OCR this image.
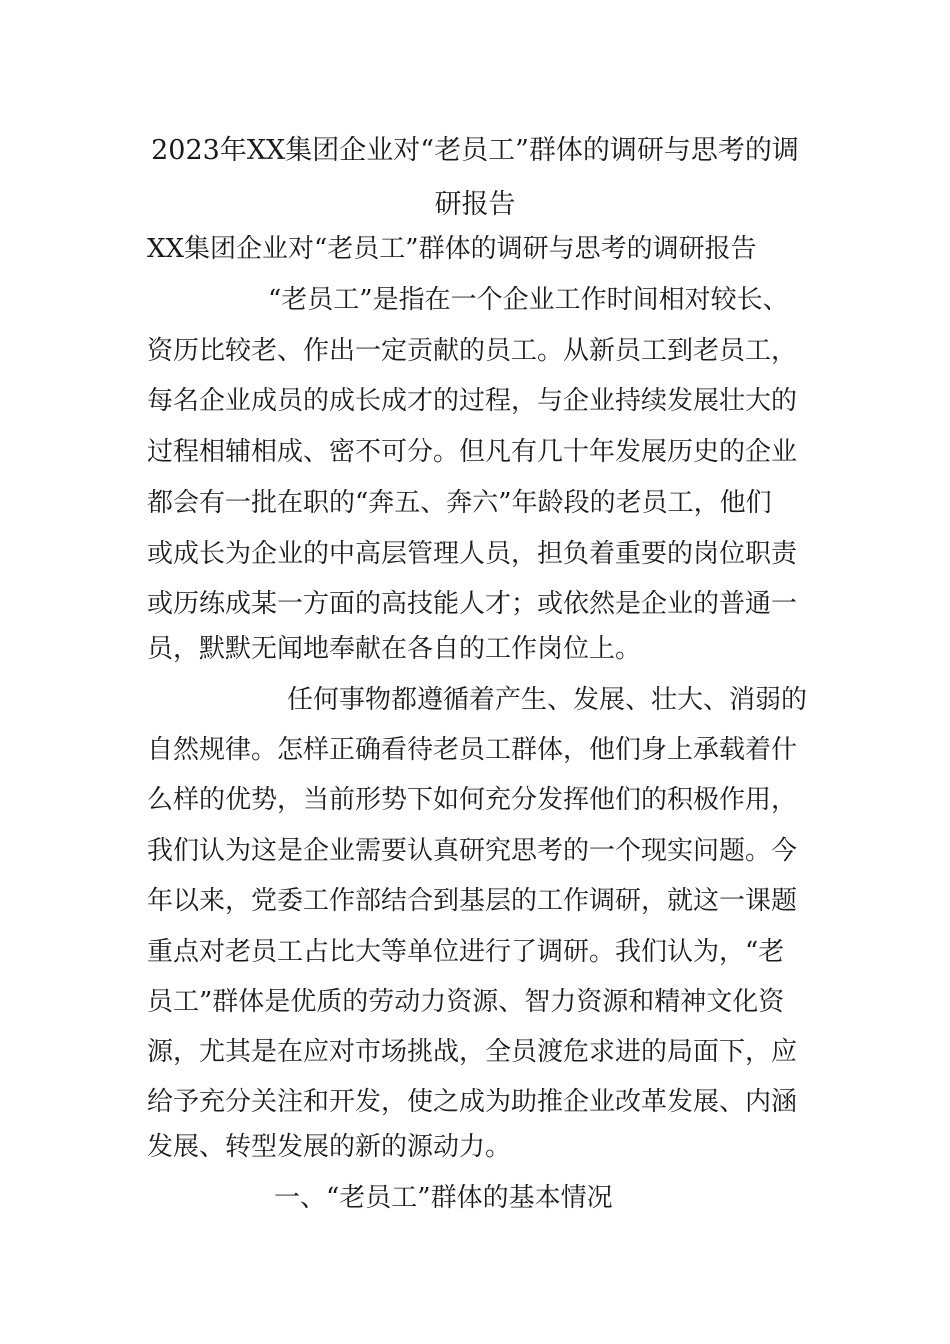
2023年XX集团企业对“老员工”群体的调研与思考的调
研报告
XX集团企业对“老员工”群体的调研与思考的调研报告
“老员工”是指在一个企业工作时间相对较长、
资历比较老、作出一定贡献的员工。从新员工到老员工，
每名企业成员的成长成才的过程，与企业持续发展壮大的
过程相辅相成、密不可分。但凡有几十年发展历史的企业
都会有一批在职的“奔五、奔六”年龄段的老员工，他们
或成长为企业的中高层管理人员，担负着重要的岗位职责
或历练成某一方面的高技能人才；或依然是企业的普通一
员，默默无闻地奉献在各自的工作岗位上。
任何事物都遵循着产生、发展、壮大、消弱的
自然规律。怎样正确看待老员工群体，他们身上承载着什
么样的优势，当前形势下如何充分发挥他们的积极作用，
我们认为这是企业需要认真研究思考的一个现实问题。今
年以来，党委工作部结合到基层的工作调研，就这一课题
重点对老员工占比大等单位进行了调研。我们认为，“老
员工”群体是优质的劳动力资源、智力资源和精神文化资
源，尤其是在应对市场挑战，全员渡危求进的局面下，应
给予充分关注和开发，使之成为助推企业改革发展、内涵
发展、转型发展的新的源动力。
一、“老员工”群体的基本情况
